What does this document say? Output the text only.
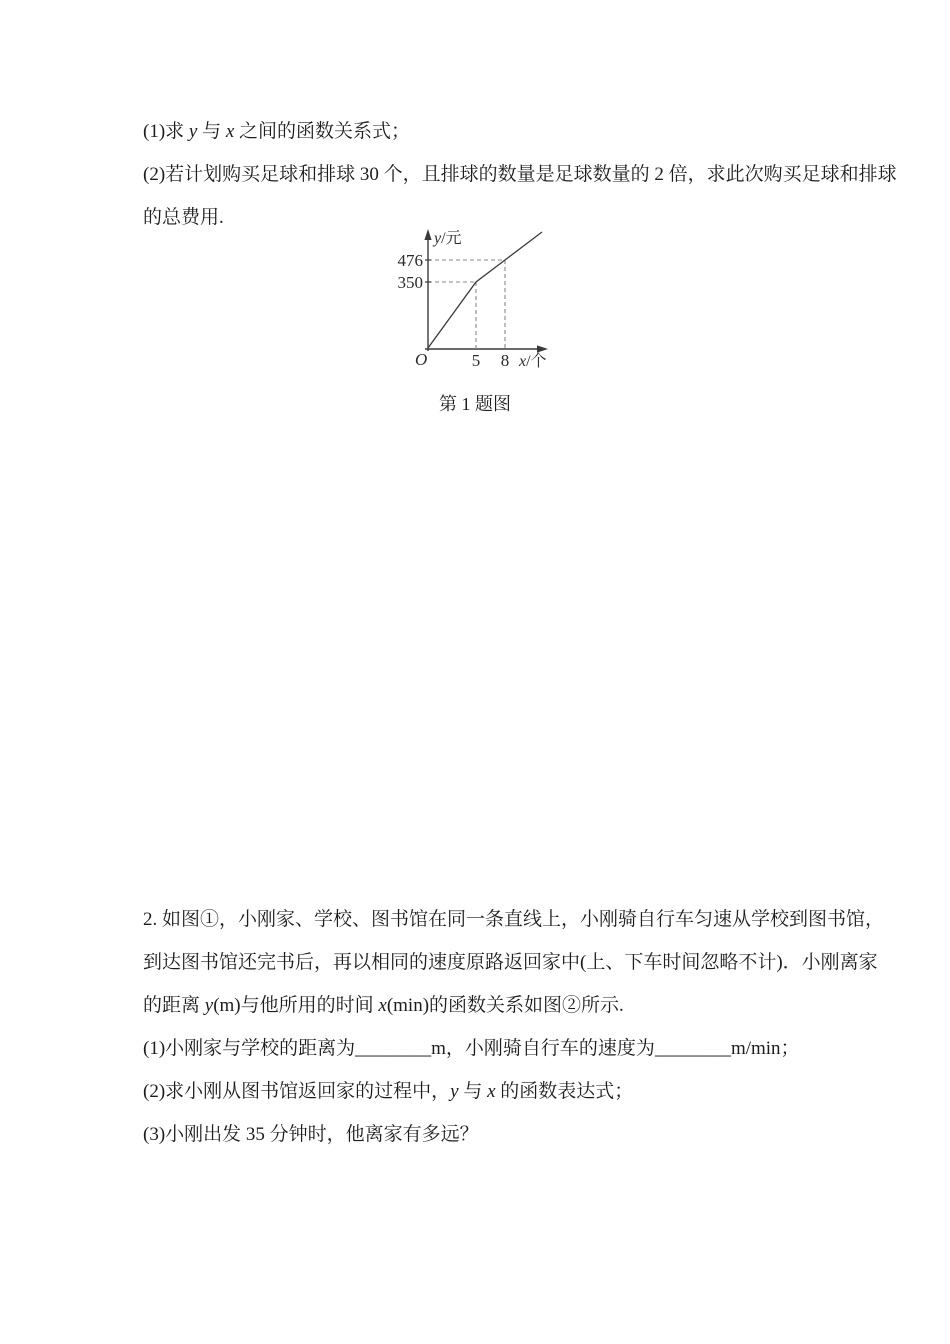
(1)求 y 与 x 之间的函数关系式；
(2)若计划购买足球和排球 30 个，且排球的数量是足球数量的 2 倍，求此次购买足球和排球
的总费用.
y/元
476
350
O	5 8 x/个
第 1 题图
2. 如图①，小刚家、学校、图书馆在同一条直线上，小刚骑自行车匀速从学校到图书馆，
到达图书馆还完书后，再以相同的速度原路返回家中(上、下车时间忽略不计)．小刚离家
的距离 y(m)与他所用的时间 x(min)的函数关系如图②所示.
(1)小刚家与学校的距离为________m，小刚骑自行车的速度为________m/min；
(2)求小刚从图书馆返回家的过程中，y 与 x 的函数表达式；
(3)小刚出发 35 分钟时，他离家有多远？
